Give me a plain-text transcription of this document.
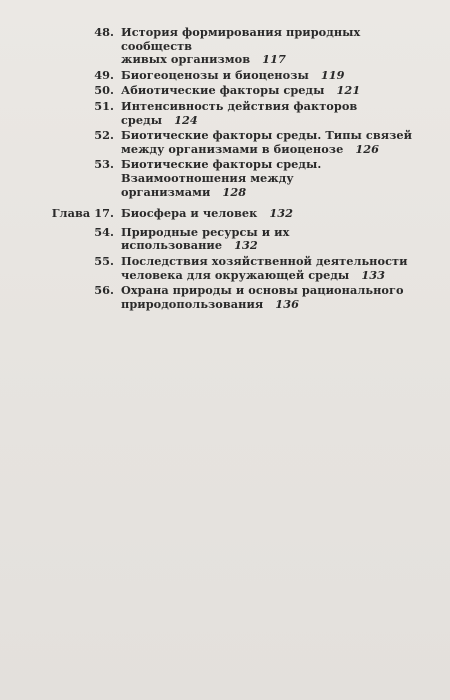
48. История формирования природных сообществ
живых организмов 117
49. Биогеоценозы и биоценозы 119
50. Абиотические факторы среды 121
51. Интенсивность действия факторов среды 124
52. Биотические факторы среды. Типы связей
между организмами в биоценозе 126
53. Биотические факторы среды.
Взаимоотношения между организмами 128
Глава 17. Биосфера и человек 132
54. Природные ресурсы и их использование 132
55. Последствия хозяйственной деятельности
человека для окружающей среды 133
56. Охрана природы и основы рационального
природопользования 136
